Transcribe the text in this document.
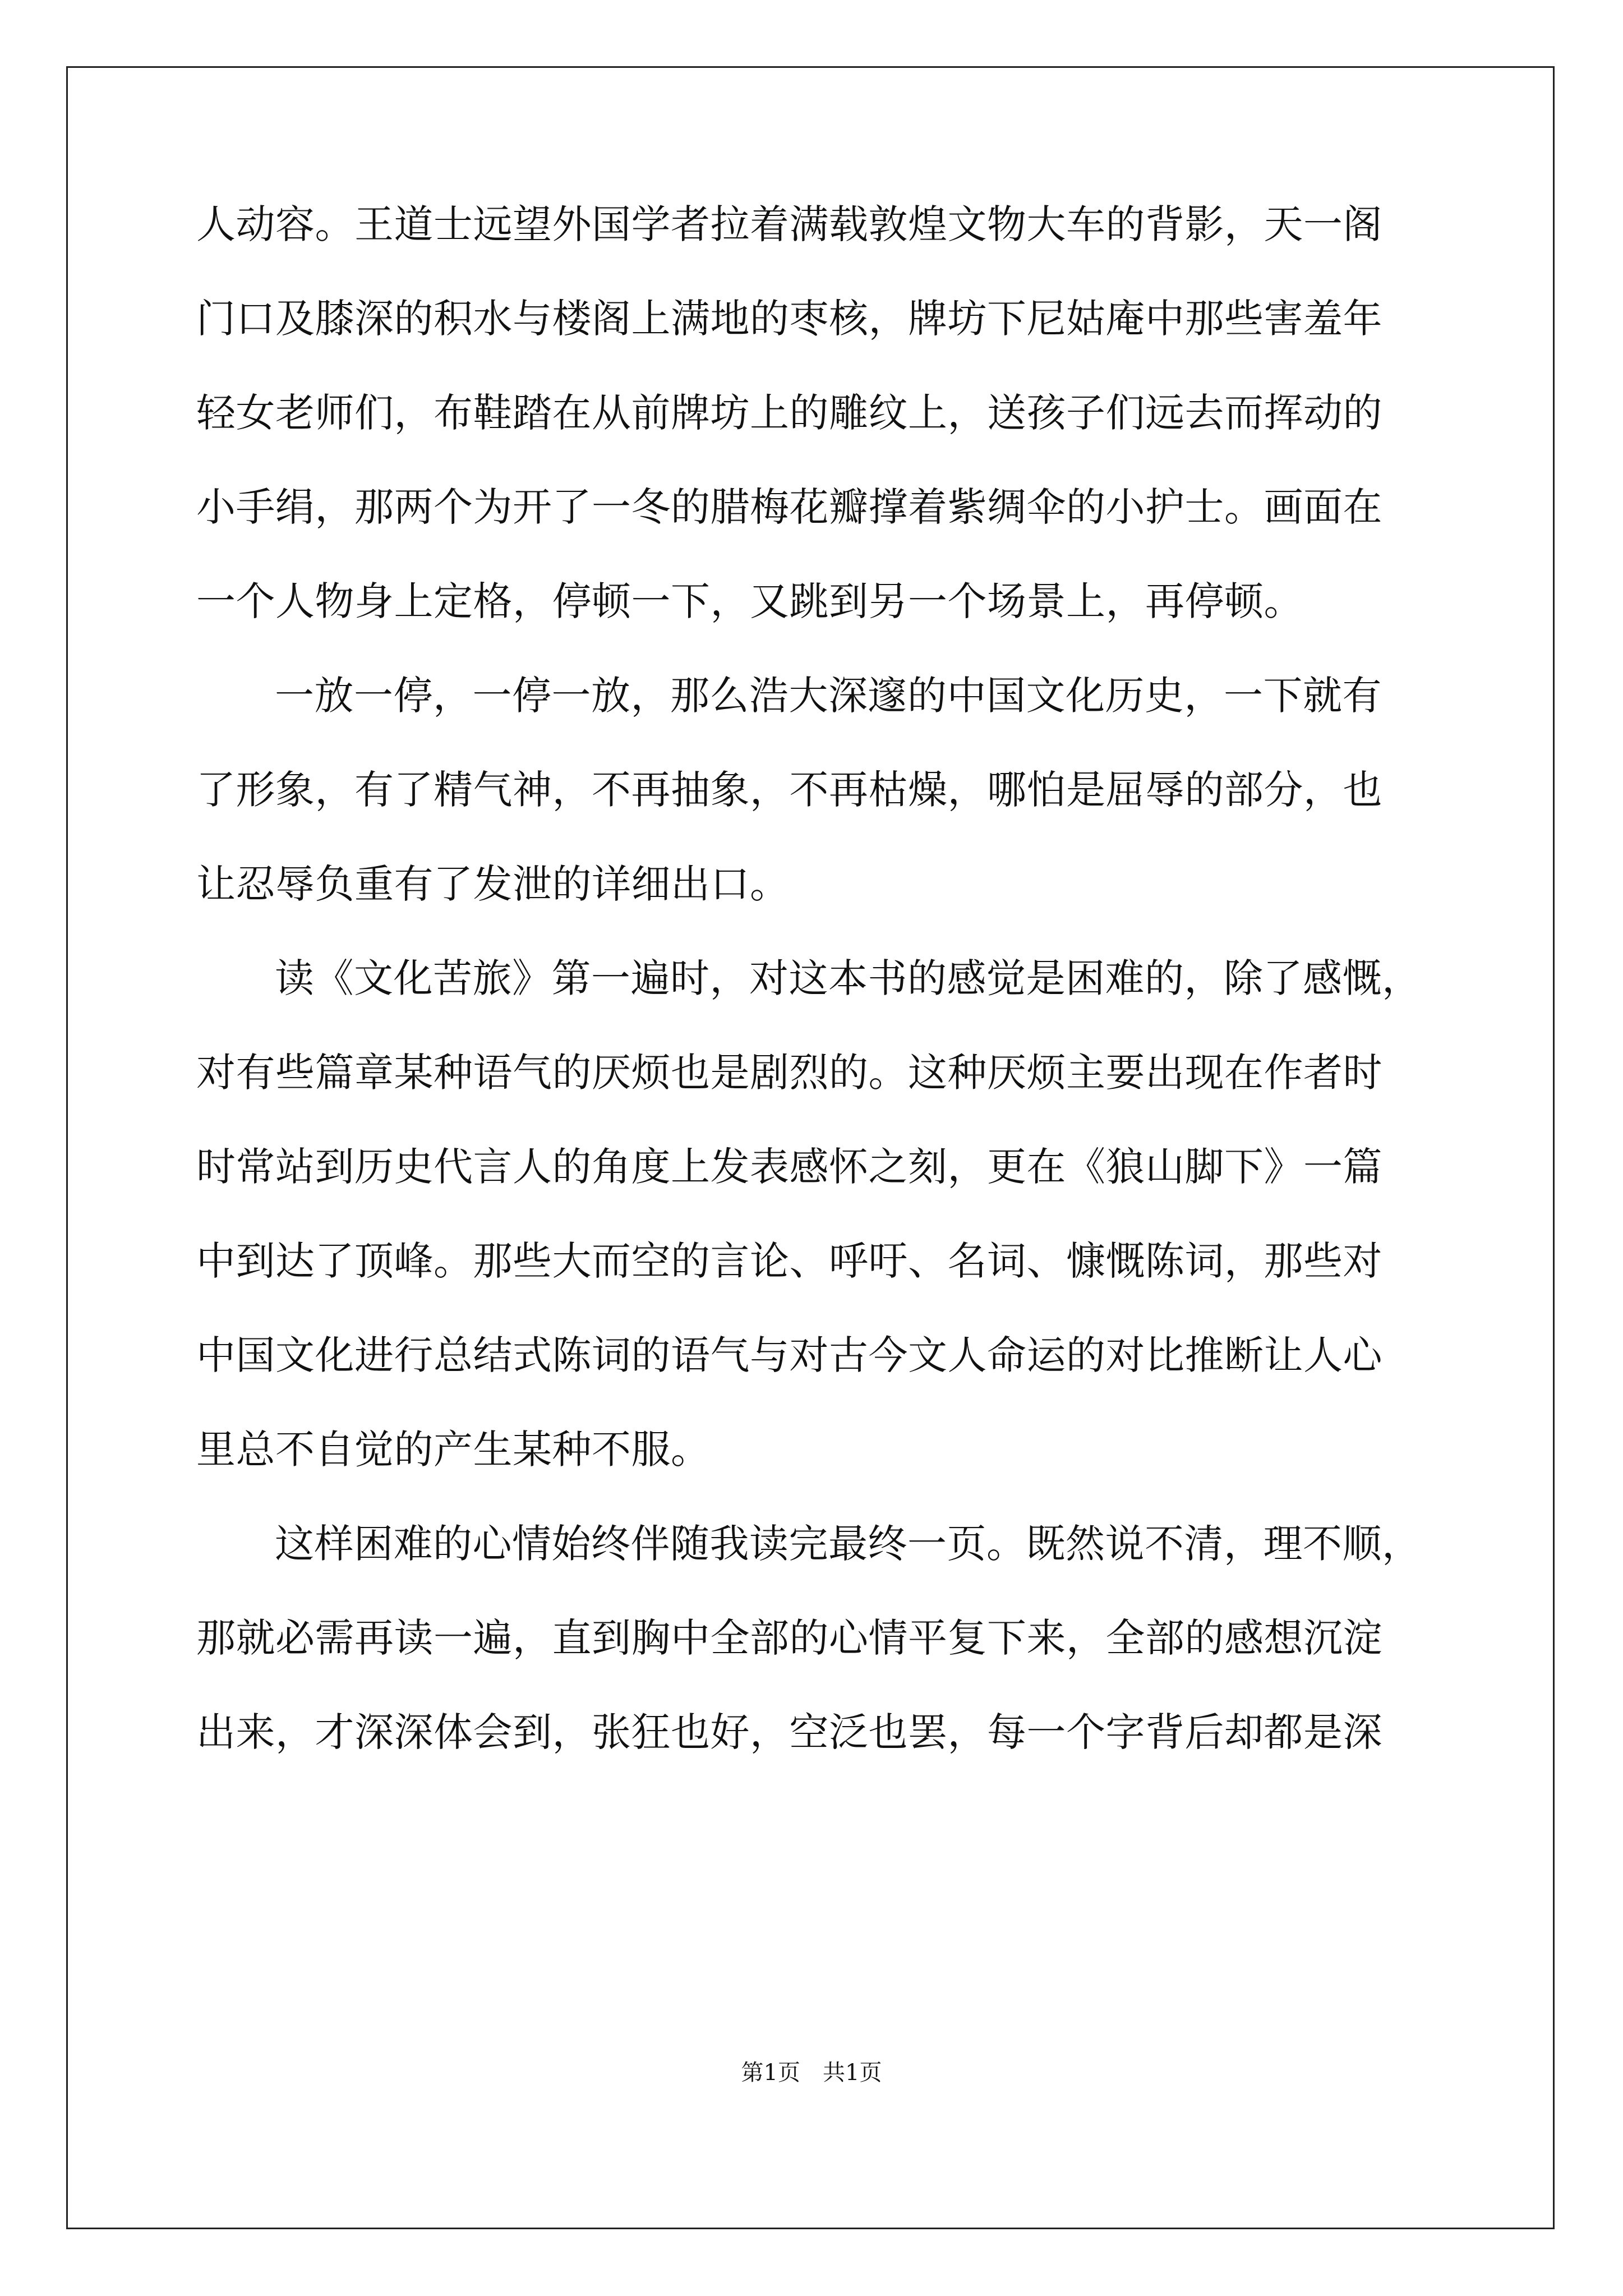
人动容。王道士远望外国学者拉着满载敦煌文物大车的背影，天一阁
门口及膝深的积水与楼阁上满地的枣核，牌坊下尼姑庵中那些害羞年
轻女老师们，布鞋踏在从前牌坊上的雕纹上，送孩子们远去而挥动的
小手绢，那两个为开了一冬的腊梅花瓣撑着紫绸伞的小护士。画面在
一个人物身上定格，停顿一下，又跳到另一个场景上，再停顿。
一放一停，一停一放，那么浩大深邃的中国文化历史，一下就有
了形象，有了精气神，不再抽象，不再枯燥，哪怕是屈辱的部分，也
让忍辱负重有了发泄的详细出口。
读《文化苦旅》第一遍时，对这本书的感觉是困难的，除了感慨，
对有些篇章某种语气的厌烦也是剧烈的。这种厌烦主要出现在作者时
时常站到历史代言人的角度上发表感怀之刻，更在《狼山脚下》一篇
中到达了顶峰。那些大而空的言论、呼吁、名词、慷慨陈词，那些对
中国文化进行总结式陈词的语气与对古今文人命运的对比推断让人心
里总不自觉的产生某种不服。
这样困难的心情始终伴随我读完最终一页。既然说不清，理不顺，
那就必需再读一遍，直到胸中全部的心情平复下来，全部的感想沉淀
出来，才深深体会到，张狂也好，空泛也罢，每一个字背后却都是深
第1页　共1页
